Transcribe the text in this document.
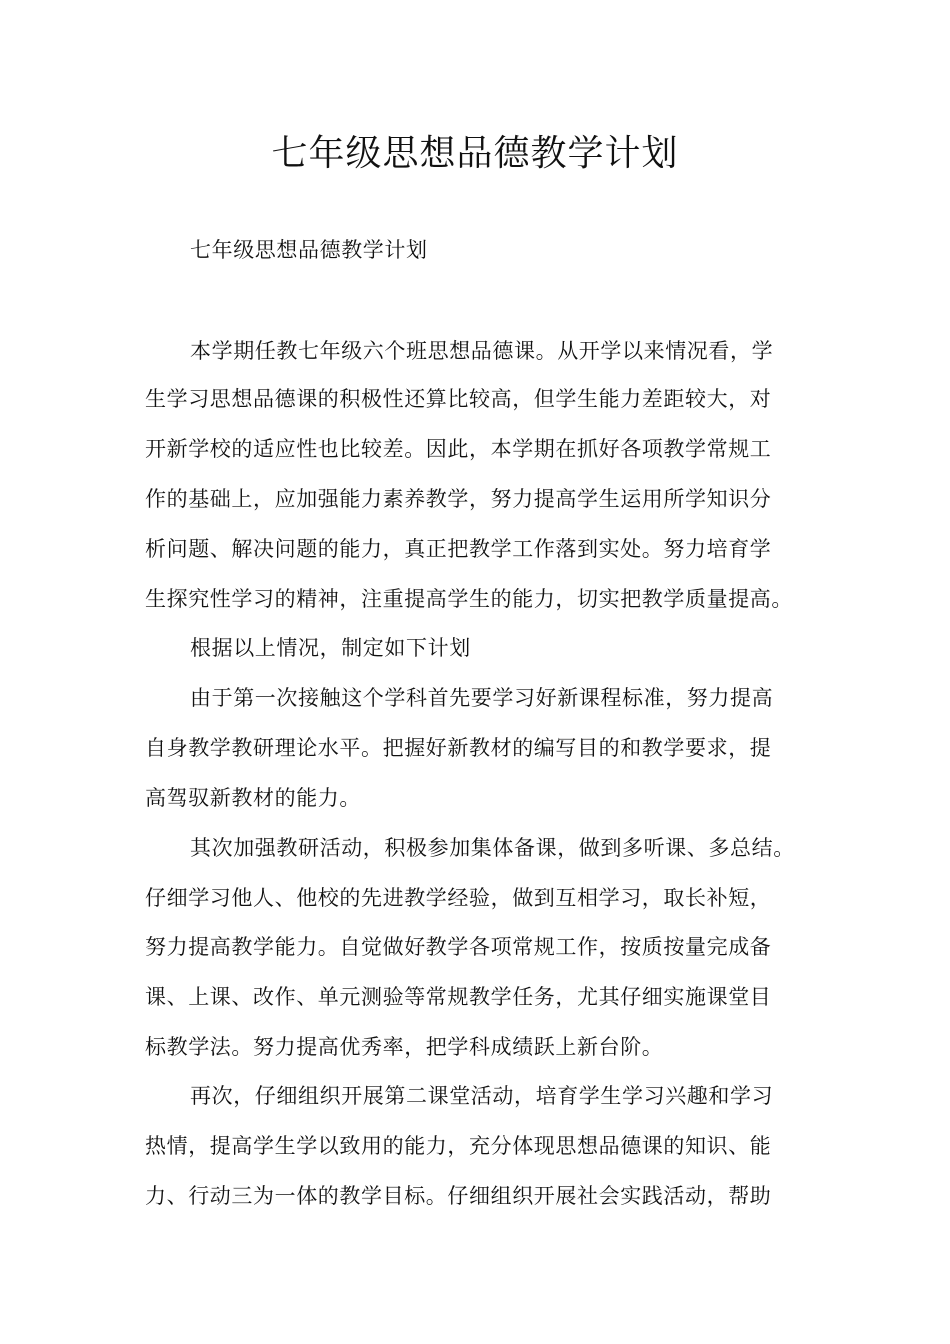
七年级思想品德教学计划
七年级思想品德教学计划
本学期任教七年级六个班思想品德课。从开学以来情况看，学
生学习思想品德课的积极性还算比较高，但学生能力差距较大，对
开新学校的适应性也比较差。因此，本学期在抓好各项教学常规工
作的基础上，应加强能力素养教学，努力提高学生运用所学知识分
析问题、解决问题的能力，真正把教学工作落到实处。努力培育学
生探究性学习的精神，注重提高学生的能力，切实把教学质量提高。
根据以上情况，制定如下计划
由于第一次接触这个学科首先要学习好新课程标准，努力提高
自身教学教研理论水平。把握好新教材的编写目的和教学要求，提
高驾驭新教材的能力。
其次加强教研活动，积极参加集体备课，做到多听课、多总结。
仔细学习他人、他校的先进教学经验，做到互相学习，取长补短，
努力提高教学能力。自觉做好教学各项常规工作，按质按量完成备
课、上课、改作、单元测验等常规教学任务，尤其仔细实施课堂目
标教学法。努力提高优秀率，把学科成绩跃上新台阶。
再次，仔细组织开展第二课堂活动，培育学生学习兴趣和学习
热情，提高学生学以致用的能力，充分体现思想品德课的知识、能
力、行动三为一体的教学目标。仔细组织开展社会实践活动，帮助
